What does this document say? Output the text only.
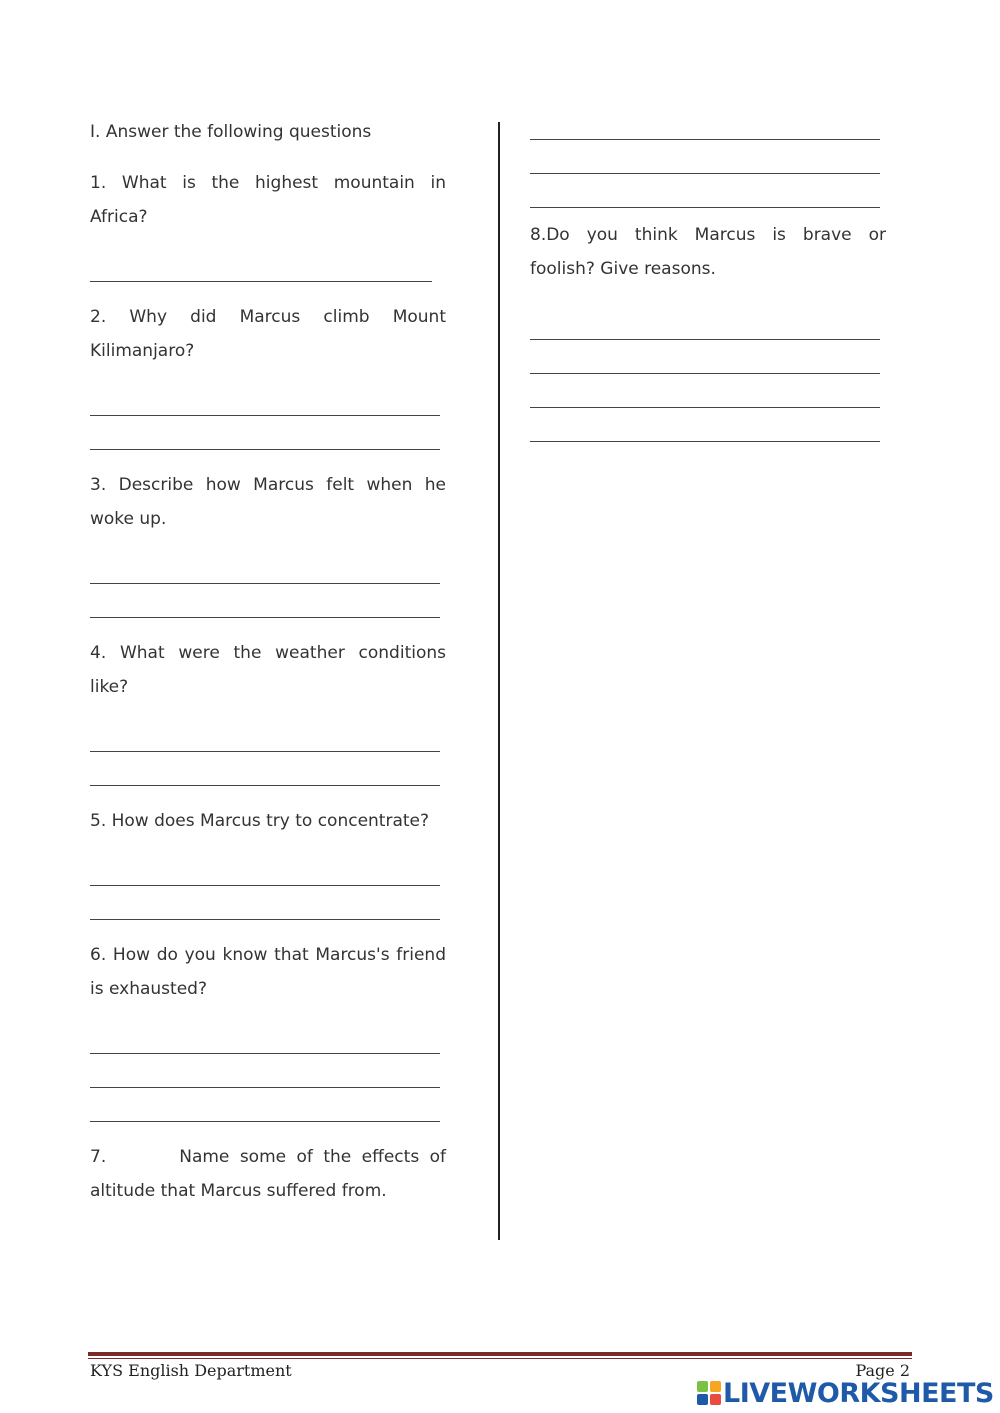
I. Answer the following questions
1. What is the highest mountain in Africa?
2. Why did Marcus climb Mount Kilimanjaro?
3. Describe how Marcus felt when he woke up.
4. What were the weather conditions like?
5. How does Marcus try to concentrate?
6. How do you know that Marcus's friend is exhausted?
7.       Name some of the effects of altitude that Marcus suffered from.
8.Do you think Marcus is brave or foolish? Give reasons.
KYS English Department	Page 2
LIVEWORKSHEETS
